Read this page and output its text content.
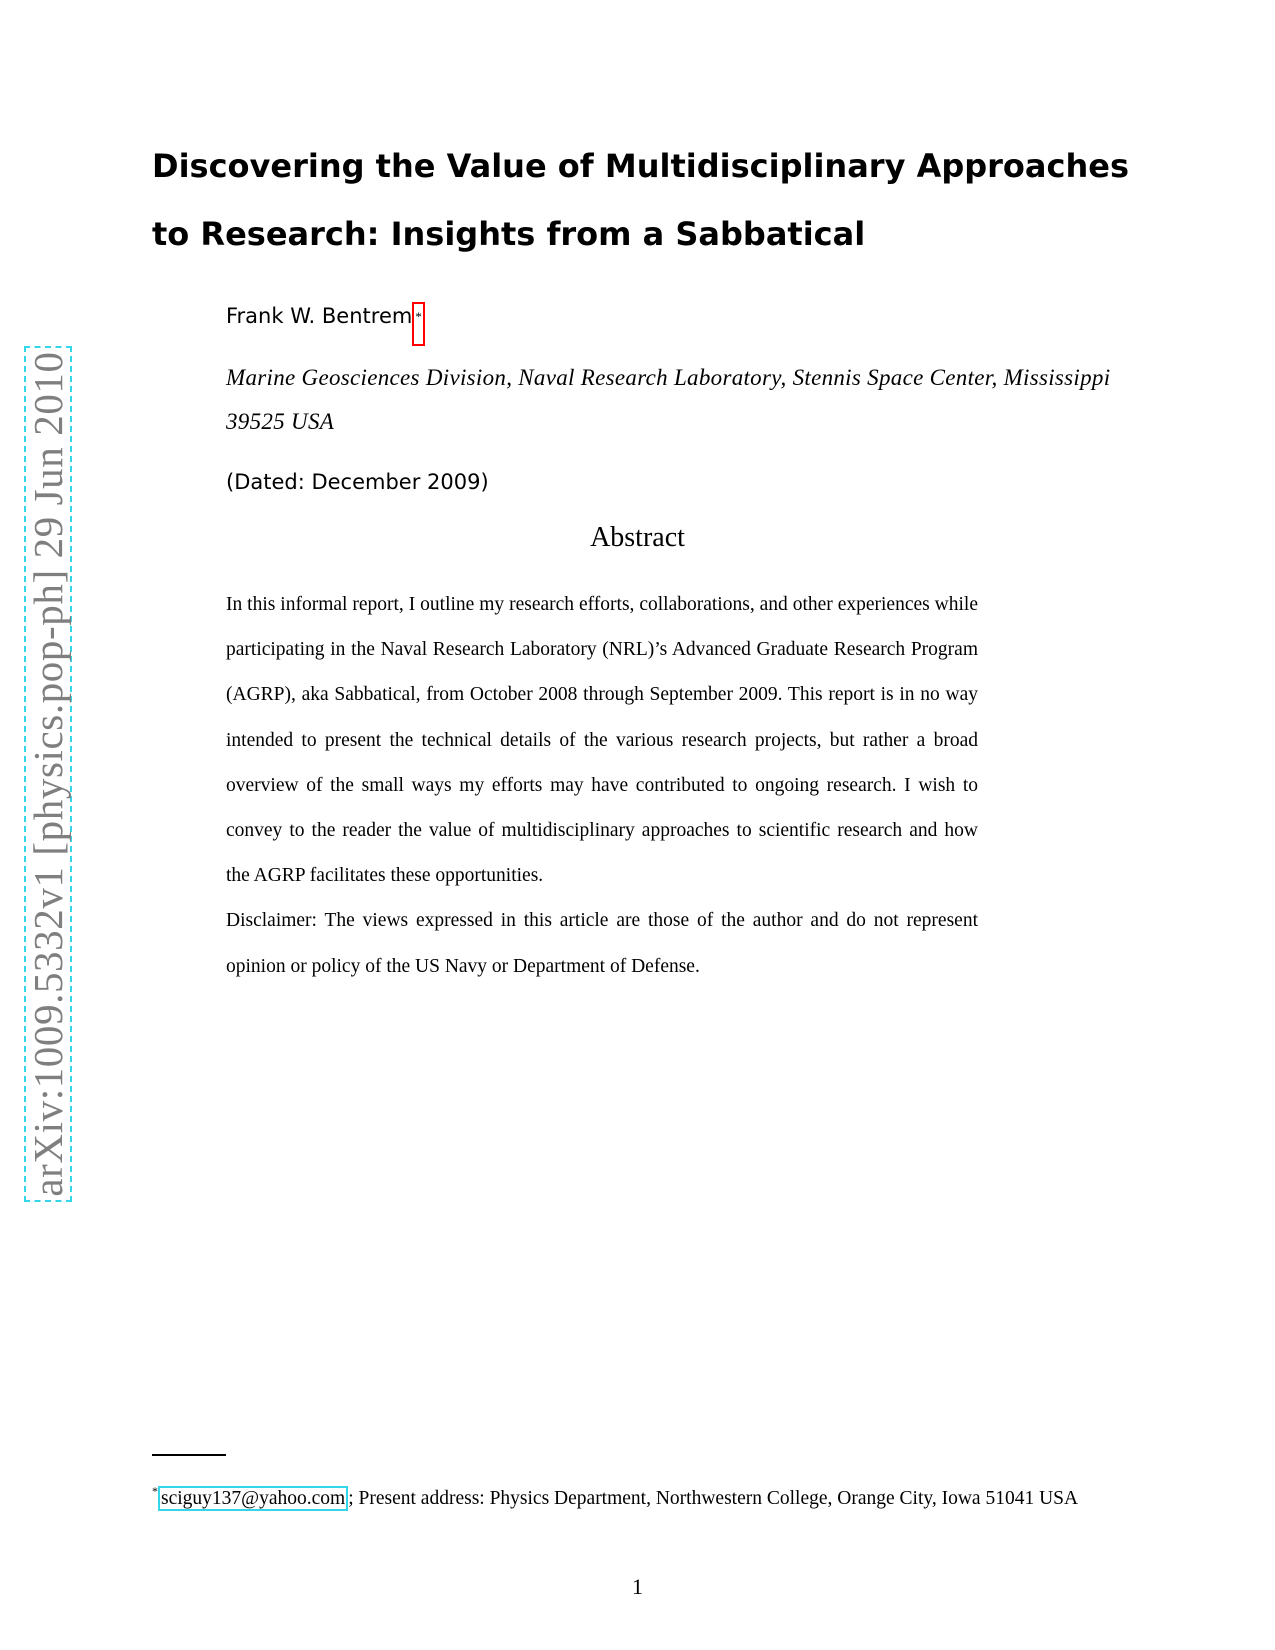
arXiv:1009.5332v1 [physics.pop-ph] 29 Jun 2010
Discovering the Value of Multidisciplinary Approaches to Research: Insights from a Sabbatical
Frank W. Bentrem *
Marine Geosciences Division, Naval Research Laboratory, Stennis Space Center, Mississippi 39525 USA
(Dated: December 2009)
Abstract

In this informal report, I outline my research efforts, collaborations, and other experiences while participating in the Naval Research Laboratory (NRL)’s Advanced Graduate Research Program (AGRP), aka Sabbatical, from October 2008 through September 2009. This report is in no way intended to present the technical details of the various research projects, but rather a broad overview of the small ways my efforts may have contributed to ongoing research. I wish to convey to the reader the value of multidisciplinary approaches to scientific research and how the AGRP facilitates these opportunities.

Disclaimer: The views expressed in this article are those of the author and do not represent opinion or policy of the US Navy or Department of Defense.

* sciguy137@yahoo.com ; Present address: Physics Department, Northwestern College, Orange City, Iowa 51041 USA
1
